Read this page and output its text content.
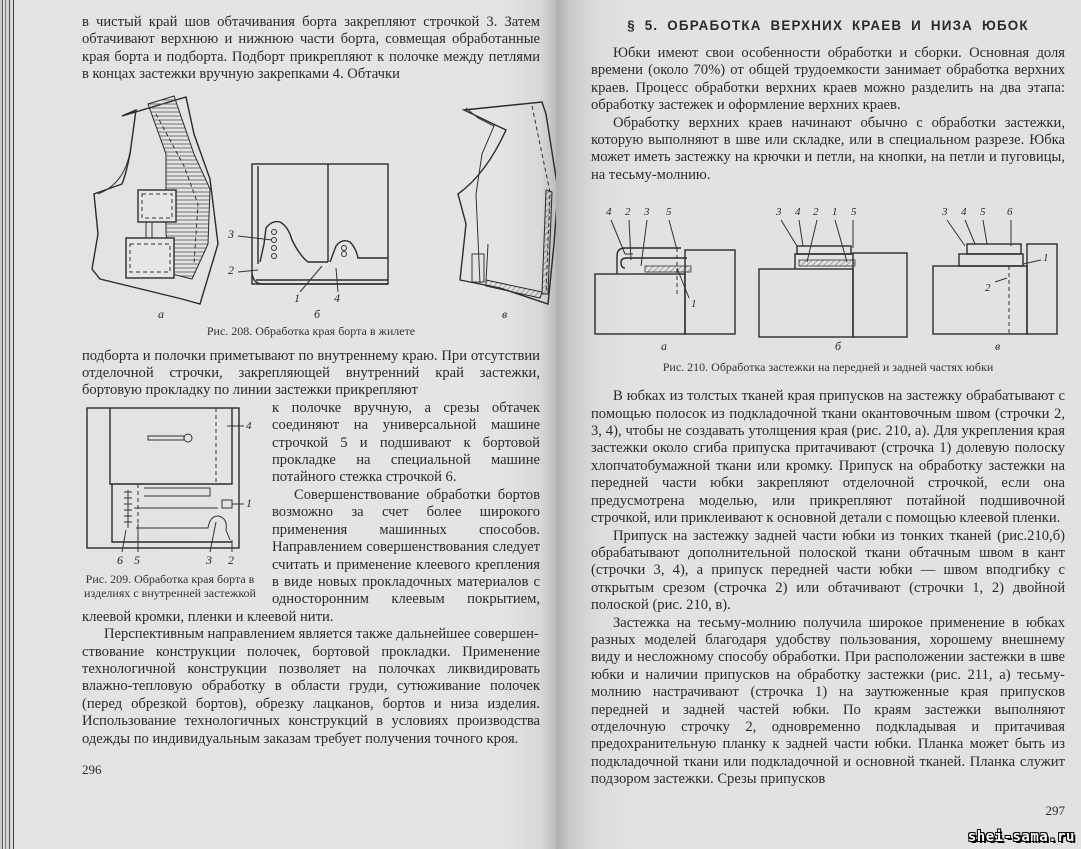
в чистый край шов обтачивания борта закрепляют строчкой 3. Затем обтачивают верхнюю и нижнюю части борта, совмещая обработанные края борта и подборта. Подборт прикрепляют к полочке между петлями в концах застежки вручную закрепками 4. Обтачки

3
2
1	4
а	б	в
Рис. 208. Обработка края борта в жилете

подборта и полочки приметывают по внутреннему краю. При отсутствии отделочной строчки, закрепляющей внутренний край застежки, бортовую прокладку по линии застежки прикрепляют

4
1
6 5	3 2
Рис. 209. Обработка края борта в изделиях с внутренней застежкой

к полочке вручную, а срезы обтачек соединяют на универсальной машине строчкой 5 и подшивают к бортовой прокладке на специальной машине потайного стежка строчкой 6.

Совершенствование обработки бортов возможно за счет более широкого применения машинных способов. Направлением совершенствования следует считать и применение клеевого крепления в виде новых прокладочных материалов с односторонним клеевым покрытием, клеевой кромки, пленки и клеевой нити.

Перспективным направлением является также дальнейшее совершен-

ствование конструкции полочек, бортовой прокладки. Применение технологичной конструкции позволяет на полочках ликвидировать влажно-тепловую обработку в области груди, сутюживание полочек (перед обрезкой бортов), обрезку лацканов, бортов и низа изделия. Использование технологичных конструкций в условиях производства одежды по индивидуальным заказам требует получения точного кроя.

296
§ 5. ОБРАБОТКА ВЕРХНИХ КРАЕВ И НИЗА ЮБОК

Юбки имеют свои особенности обработки и сборки. Основная доля времени (около 70%) от общей трудоемкости занимает обработка верхних краев. Процесс обработки верхних краев можно разделить на два этапа: обработку застежек и оформление верхних краев.

Обработку верхних краев начинают обычно с обработки застежки, которую выполняют в шве или складке, или в специальном разрезе. Юбка может иметь застежку на крючки и петли, на кнопки, на петли и пуговицы, на тесьму-молнию.

4 2 3 5
1
3 4 2 1 5	3 4 5 6
1
2
а	б	в
Рис. 210. Обработка застежки на передней и задней частях юбки

В юбках из толстых тканей края припусков на застежку обрабатывают с помощью полосок из подкладочной ткани окантовочным швом (строчки 2, 3, 4), чтобы не создавать утолщения края (рис. 210, а). Для укрепления края застежки около сгиба припуска притачивают (строчка 1) долевую полоску хлопчатобумажной ткани или кромку. Припуск на обработку застежки на передней части юбки закрепляют отделочной строчкой, если она предусмотрена моделью, или прикрепляют потайной подшивочной строчкой, или приклеивают к основной детали с помощью клеевой пленки.

Припуск на застежку задней части юбки из тонких тканей (рис.210,б) обрабатывают дополнительной полоской ткани обтачным швом в кант (строчки 3, 4), а припуск передней части юбки — швом вподгибку с открытым срезом (строчка 2) или обтачивают (строчки 1, 2) двойной полоской (рис. 210, в).

Застежка на тесьму-молнию получила широкое применение в юбках разных моделей благодаря удобству пользования, хорошему внешнему виду и несложному способу обработки. При расположении застежки в шве юбки и наличии припусков на обработку застежки (рис. 211, а) тесьму-молнию настрачивают (строчка 1) на заутюженные края припусков передней и задней частей юбки. По краям застежки выполняют отделочную строчку 2, одновременно подкладывая и притачивая предохранительную планку к задней части юбки. Планка может быть из подкладочной ткани или подкладочной и основной тканей. Планка служит подзором застежки. Срезы припусков

297
shei-sama.ru
